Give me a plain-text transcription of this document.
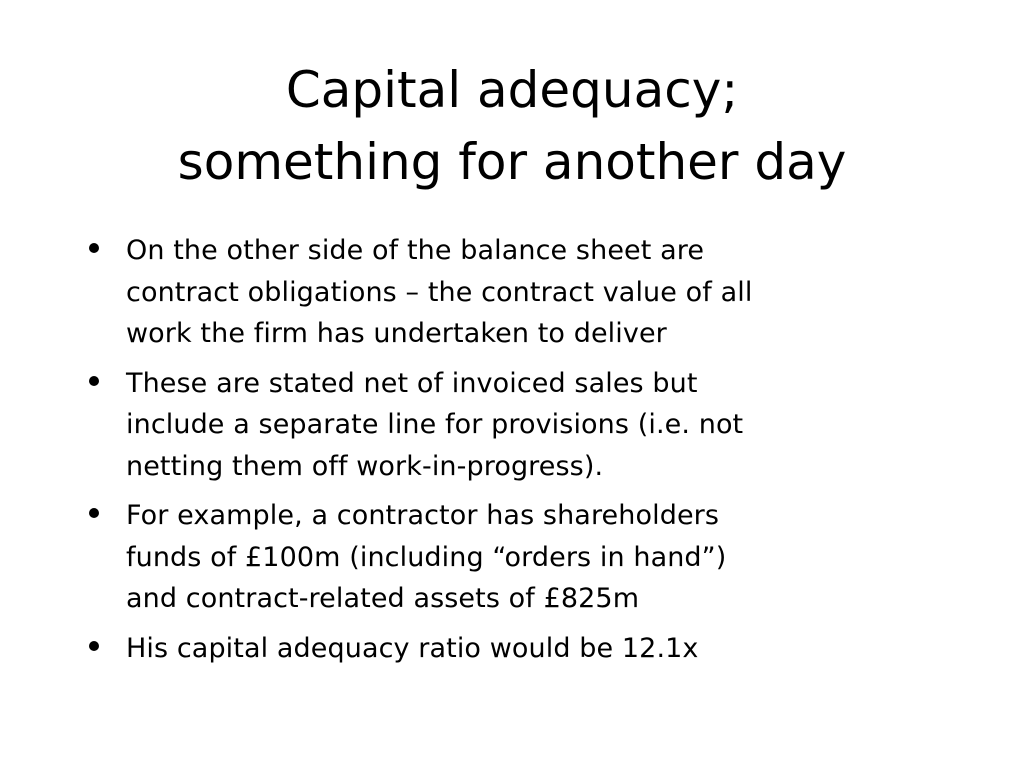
Capital adequacy;
something for another day
On the other side of the balance sheet are
contract obligations – the contract value of all
work the firm has undertaken to deliver
These are stated net of invoiced sales but
include a separate line for provisions (i.e. not
netting them off work-in-progress).
For example, a contractor has shareholders
funds of £100m (including “orders in hand”)
and contract-related assets of £825m
His capital adequacy ratio would be 12.1x
